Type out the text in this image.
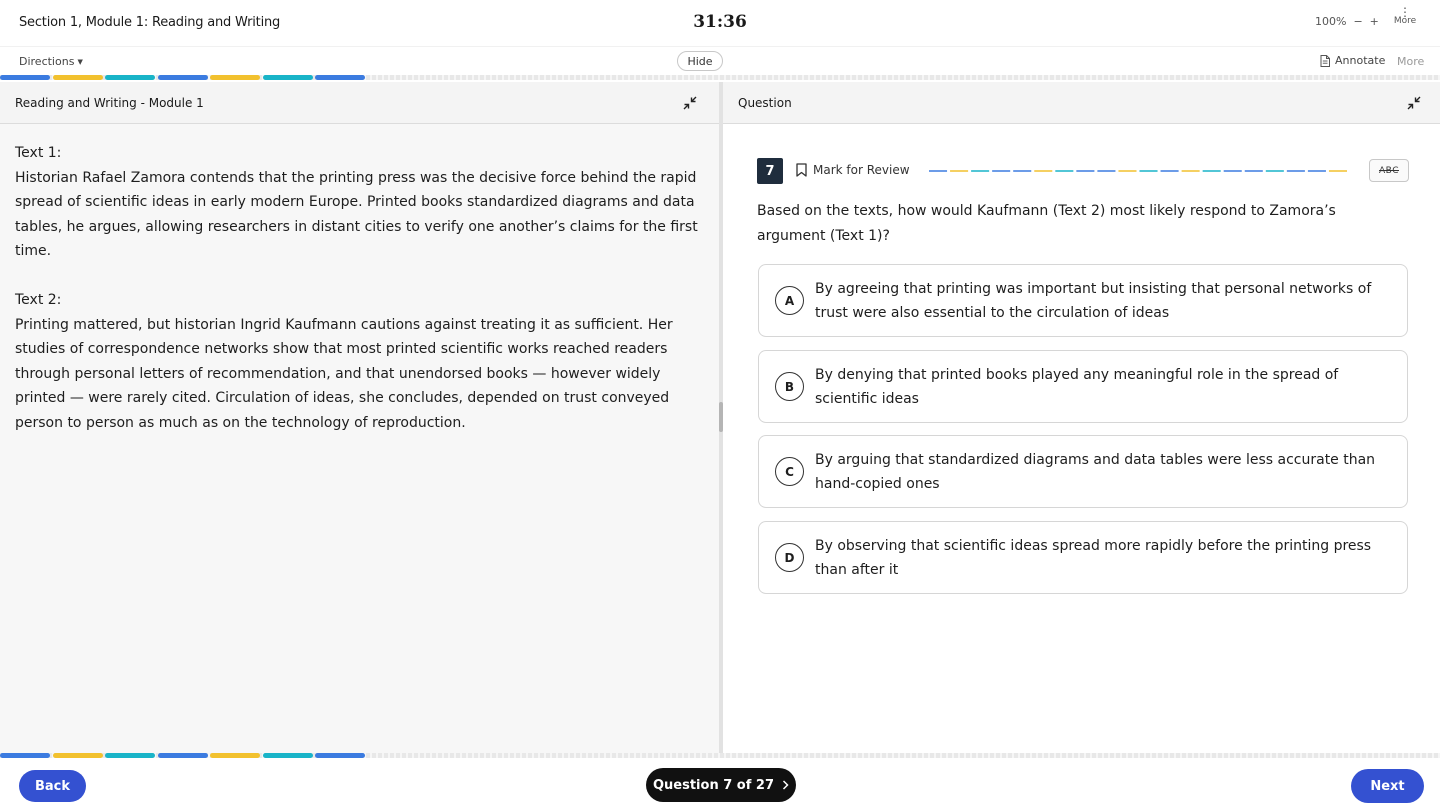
Section 1, Module 1: Reading and Writing	31:36	100% − +
⋮
More
Directions ▼	Hide	Annotate More
Reading and Writing - Module 1

Text 1:

Historian Rafael Zamora contends that the printing press was the decisive force behind the rapid spread of scientific ideas in early modern Europe. Printed books standardized diagrams and data tables, he argues, allowing researchers in distant cities to verify one another’s claims for the first time.

Text 2:

Printing mattered, but historian Ingrid Kaufmann cautions against treating it as sufficient. Her studies of correspondence networks show that most printed scientific works reached readers through personal letters of recommendation, and that unendorsed books — however widely printed — were rarely cited. Circulation of ideas, she concludes, depended on trust conveyed person to person as much as on the technology of reproduction.

Question
7	Mark for Review	ABC
Based on the texts, how would Kaufmann (Text 2) most likely respond to Zamora’s argument (Text 1)?
A
By agreeing that printing was important but insisting that personal networks of trust were also essential to the circulation of ideas
B
By denying that printed books played any meaningful role in the spread of scientific ideas
C
By arguing that standardized diagrams and data tables were less accurate than hand-copied ones
D
By observing that scientific ideas spread more rapidly before the printing press than after it
Back	Question 7 of 27	Next
